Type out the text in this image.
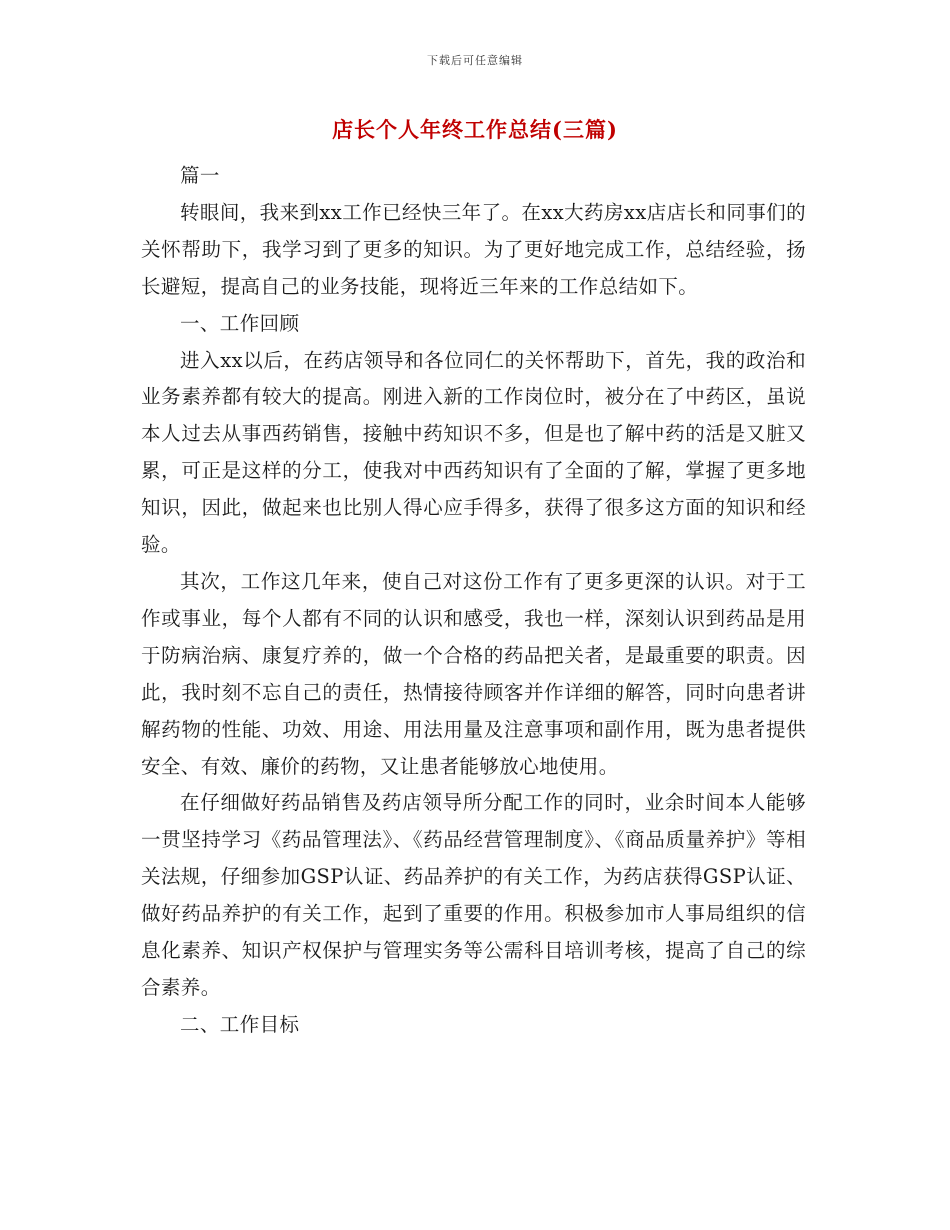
下载后可任意编辑
店长个人年终工作总结(三篇)

篇一

转眼间，我来到xx工作已经快三年了。在xx大药房xx店店长和同事们的关怀帮助下，我学习到了更多的知识。为了更好地完成工作，总结经验，扬长避短，提高自己的业务技能，现将近三年来的工作总结如下。

一、工作回顾

进入xx以后，在药店领导和各位同仁的关怀帮助下，首先，我的政治和业务素养都有较大的提高。刚进入新的工作岗位时，被分在了中药区，虽说本人过去从事西药销售，接触中药知识不多，但是也了解中药的活是又脏又累，可正是这样的分工，使我对中西药知识有了全面的了解，掌握了更多地知识，因此，做起来也比别人得心应手得多，获得了很多这方面的知识和经验。

其次，工作这几年来，使自己对这份工作有了更多更深的认识。对于工作或事业，每个人都有不同的认识和感受，我也一样，深刻认识到药品是用于防病治病、康复疗养的，做一个合格的药品把关者，是最重要的职责。因此，我时刻不忘自己的责任，热情接待顾客并作详细的解答，同时向患者讲解药物的性能、功效、用途、用法用量及注意事项和副作用，既为患者提供安全、有效、廉价的药物，又让患者能够放心地使用。

在仔细做好药品销售及药店领导所分配工作的同时，业余时间本人能够一贯坚持学习《药品管理法》、《药品经营管理制度》、《商品质量养护》等相关法规，仔细参加GSP认证、药品养护的有关工作，为药店获得GSP认证、做好药品养护的有关工作，起到了重要的作用。积极参加市人事局组织的信息化素养、知识产权保护与管理实务等公需科目培训考核，提高了自己的综合素养。

二、工作目标
